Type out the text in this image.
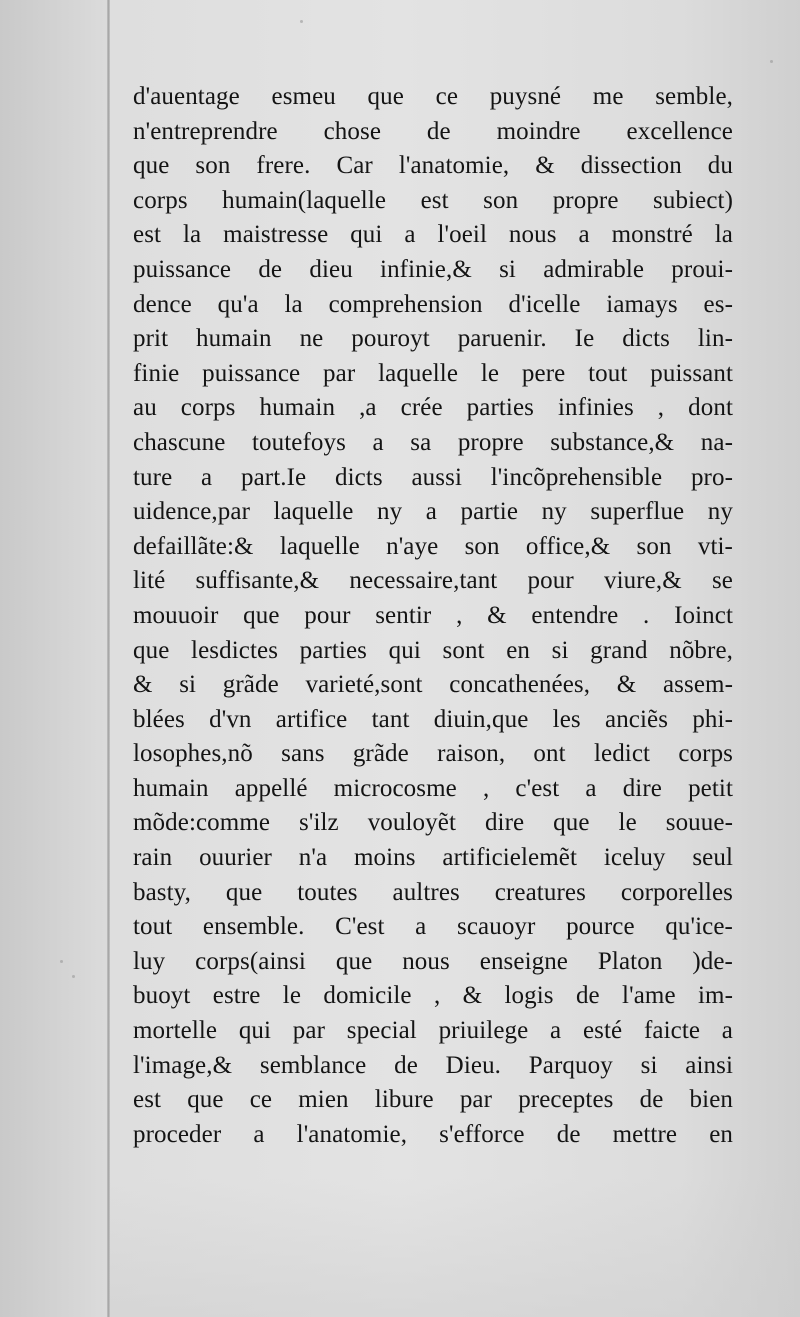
d'auentage esmeu que ce puysné me semble,
n'entreprendre chose de moindre excellence
que son frere. Car l'anatomie, & dissection du
corps humain(laquelle est son propre subiect)
est la maistresse qui a l'oeil nous a monstré la
puissance de dieu infinie,& si admirable proui-
dence qu'a la comprehension d'icelle iamays es-
prit humain ne pouroyt paruenir. Ie dicts lin-
finie puissance par laquelle le pere tout puissant
au corps humain ,a crée parties infinies , dont
chascune toutefoys a sa propre substance,& na-
ture a part.Ie dicts aussi l'incõprehensible pro-
uidence,par laquelle ny a partie ny superflue ny
defaillãte:& laquelle n'aye son office,& son vti-
lité suffisante,& necessaire,tant pour viure,& se
mouuoir que pour sentir , & entendre . Ioinct
que lesdictes parties qui sont en si grand nõbre,
& si grãde varieté,sont concathenées, & assem-
blées d'vn artifice tant diuin,que les anciẽs phi-
losophes,nõ sans grãde raison, ont ledict corps
humain appellé microcosme , c'est a dire petit
mõde:comme s'ilz vouloyẽt dire que le souue-
rain ouurier n'a moins artificielemẽt iceluy seul
basty, que toutes aultres creatures corporelles
tout ensemble. C'est a scauoyr pource qu'ice-
luy corps(ainsi que nous enseigne Platon )de-
buoyt estre le domicile , & logis de l'ame im-
mortelle qui par special priuilege a esté faicte a
l'image,& semblance de Dieu. Parquoy si ainsi
est que ce mien libure par preceptes de bien
proceder a l'anatomie, s'efforce de mettre en
